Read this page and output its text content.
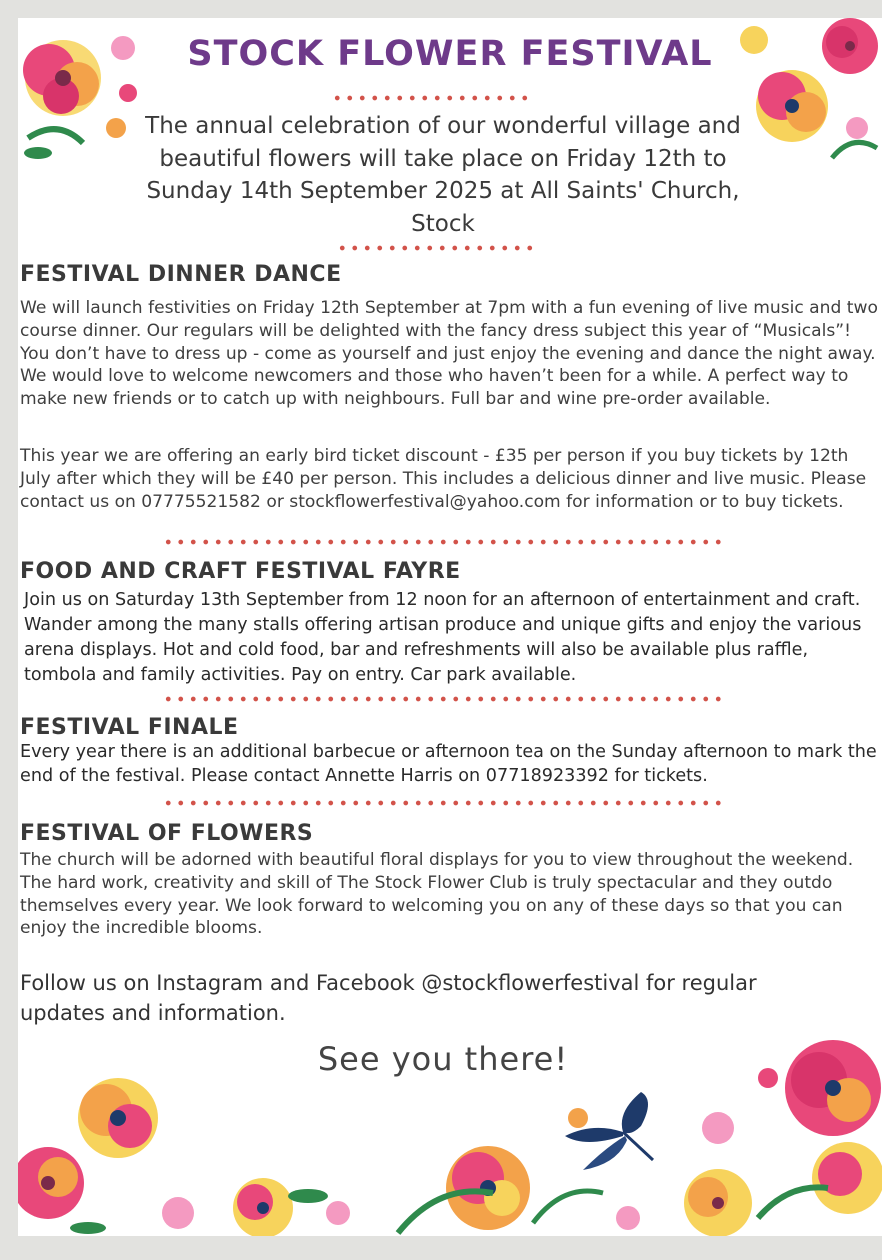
STOCK FLOWER FESTIVAL
The annual celebration of our wonderful village and beautiful flowers will take place on Friday 12th to Sunday 14th September 2025 at All Saints' Church, Stock
FESTIVAL DINNER DANCE
We will launch festivities on Friday 12th September at 7pm with a fun evening of live music and two course dinner. Our regulars will be delighted with the fancy dress subject this year of “Musicals”! You don’t have to dress up - come as yourself and just enjoy the evening and dance the night away. We would love to welcome newcomers and those who haven’t been for a while. A perfect way to make new friends or to catch up with neighbours. Full bar and wine pre-order available.
This year we are offering an early bird ticket discount - £35 per person if you buy tickets by 12th July after which they will be £40 per person. This includes a delicious dinner and live music. Please contact us on 07775521582 or stockflowerfestival@yahoo.com for information or to buy tickets.
FOOD AND CRAFT FESTIVAL FAYRE
Join us on Saturday 13th September from 12 noon for an afternoon of entertainment and craft. Wander among the many stalls offering artisan produce and unique gifts and enjoy the various arena displays. Hot and cold food, bar and refreshments will also be available plus raffle, tombola and family activities. Pay on entry. Car park available.
FESTIVAL FINALE
Every year there is an additional barbecue or afternoon tea on the Sunday afternoon to mark the end of the festival. Please contact Annette Harris on 07718923392 for tickets.
FESTIVAL OF FLOWERS
The church will be adorned with beautiful floral displays for you to view throughout the weekend. The hard work, creativity and skill of The Stock Flower Club is truly spectacular and they outdo themselves every year. We look forward to welcoming you on any of these days so that you can enjoy the incredible blooms.
Follow us on Instagram and Facebook @stockflowerfestival for regular updates and information.
See you there!
